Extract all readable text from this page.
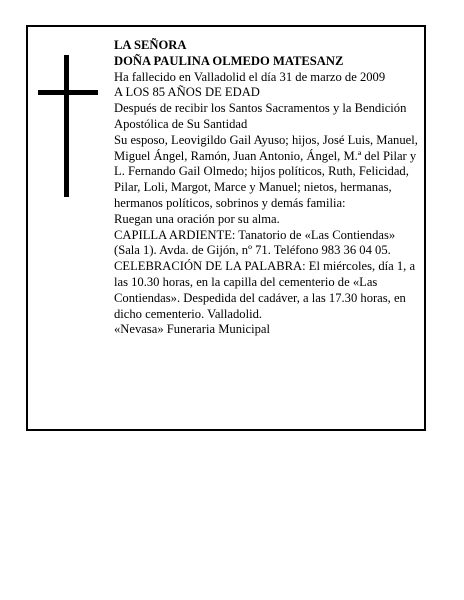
LA SEÑORA

DOÑA PAULINA OLMEDO MATESANZ

Ha fallecido en Valladolid el día 31 de marzo de 2009

A LOS 85 AÑOS DE EDAD

Después de recibir los Santos Sacramentos y la Bendición Apostólica de Su Santidad

Su esposo, Leovigildo Gail Ayuso; hijos, José Luis, Manuel, Miguel Ángel, Ramón, Juan Antonio, Ángel, M.ª del Pilar y L. Fernando Gail Olmedo; hijos políticos, Ruth, Felicidad, Pilar, Loli, Margot, Marce y Manuel; nietos, hermanas, hermanos políticos, sobrinos y demás familia:

Ruegan una oración por su alma.

CAPILLA ARDIENTE: Tanatorio de «Las Contiendas» (Sala 1). Avda. de Gijón, nº 71. Teléfono 983 36 04 05.

CELEBRACIÓN DE LA PALABRA: El miércoles, día 1, a las 10.30 horas, en la capilla del cementerio de «Las Contiendas». Despedida del cadáver, a las 17.30 horas, en dicho cementerio. Valladolid.

«Nevasa» Funeraria Municipal
